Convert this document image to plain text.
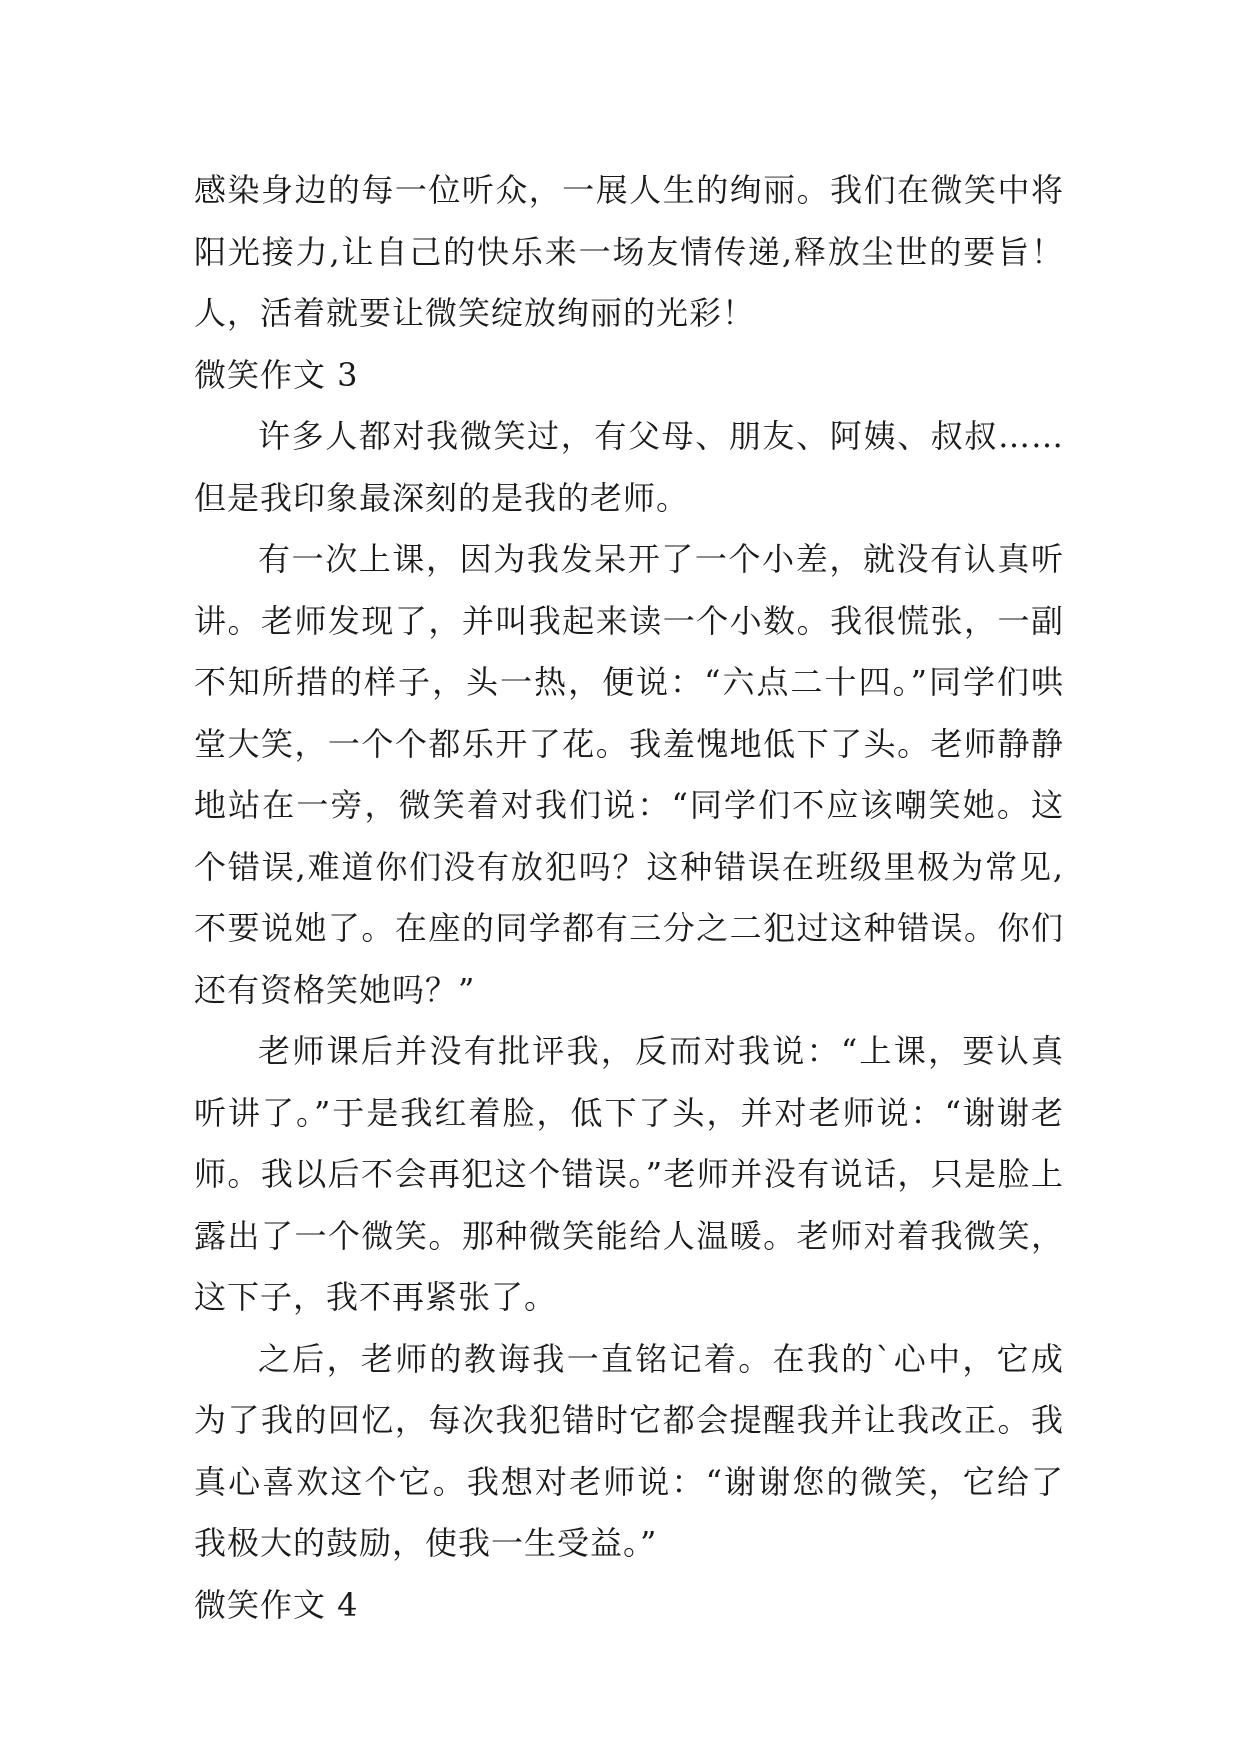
感染身边的每一位听众，一展人生的绚丽。我们在微笑中将阳光接力,让自己的快乐来一场友情传递,释放尘世的要旨！人，活着就要让微笑绽放绚丽的光彩！

微笑作文 3

许多人都对我微笑过，有父母、朋友、阿姨、叔叔……但是我印象最深刻的是我的老师。

有一次上课，因为我发呆开了一个小差，就没有认真听讲。老师发现了，并叫我起来读一个小数。我很慌张，一副不知所措的样子，头一热，便说：“六点二十四。”同学们哄堂大笑，一个个都乐开了花。我羞愧地低下了头。老师静静地站在一旁，微笑着对我们说：“同学们不应该嘲笑她。这个错误,难道你们没有放犯吗？这种错误在班级里极为常见,不要说她了。在座的同学都有三分之二犯过这种错误。你们还有资格笑她吗？”

老师课后并没有批评我，反而对我说：“上课，要认真听讲了。”于是我红着脸，低下了头，并对老师说：“谢谢老师。我以后不会再犯这个错误。”老师并没有说话，只是脸上露出了一个微笑。那种微笑能给人温暖。老师对着我微笑，这下子，我不再紧张了。

之后，老师的教诲我一直铭记着。在我的`心中，它成为了我的回忆，每次我犯错时它都会提醒我并让我改正。我真心喜欢这个它。我想对老师说：“谢谢您的微笑，它给了我极大的鼓励，使我一生受益。”

微笑作文 4
